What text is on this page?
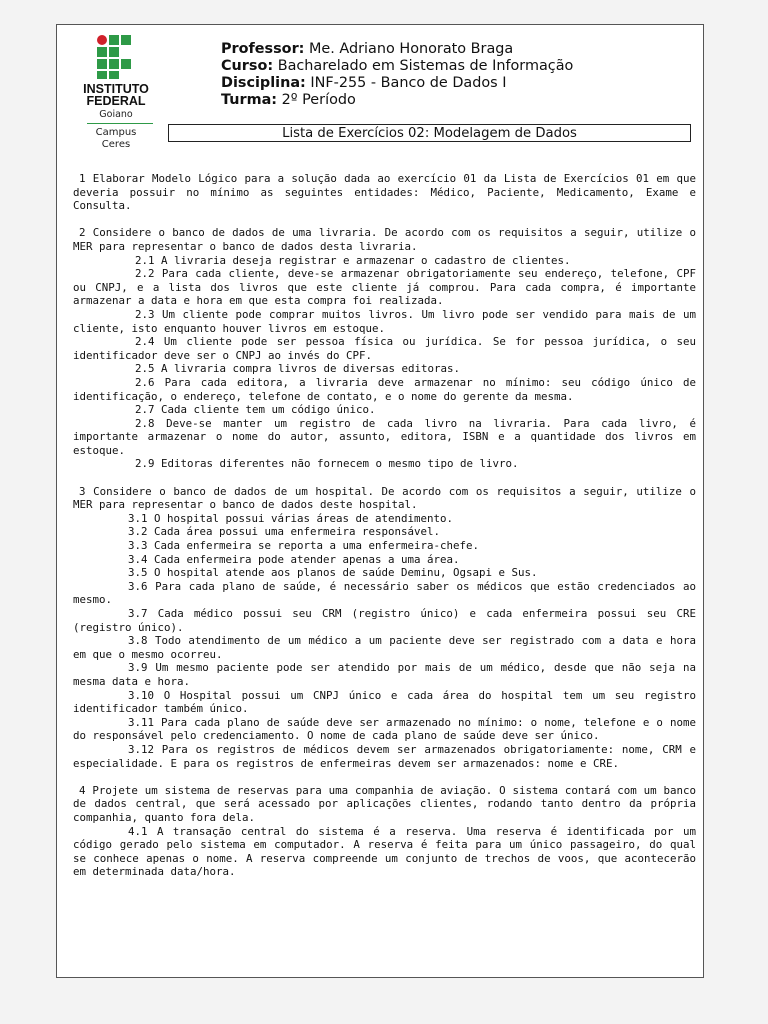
INSTITUTO FEDERAL
Goiano
Campus Ceres
Professor: Me. Adriano Honorato Braga
Curso: Bacharelado em Sistemas de Informação
Disciplina: INF-255 - Banco de Dados I
Turma: 2º Período
Lista de Exercícios 02: Modelagem de Dados

1 Elaborar Modelo Lógico para a solução dada ao exercício 01 da Lista de Exercícios 01 em que deveria possuir no mínimo as seguintes entidades: Médico, Paciente, Medicamento, Exame e Consulta.

2 Considere o banco de dados de uma livraria. De acordo com os requisitos a seguir, utilize o MER para representar o banco de dados desta livraria.

2.1 A livraria deseja registrar e armazenar o cadastro de clientes.

2.2 Para cada cliente, deve-se armazenar obrigatoriamente seu endereço, telefone, CPF ou CNPJ, e a lista dos livros que este cliente já comprou. Para cada compra, é importante armazenar a data e hora em que esta compra foi realizada.

2.3 Um cliente pode comprar muitos livros. Um livro pode ser vendido para mais de um cliente, isto enquanto houver livros em estoque.

2.4 Um cliente pode ser pessoa física ou jurídica. Se for pessoa jurídica, o seu identificador deve ser o CNPJ ao invés do CPF.

2.5 A livraria compra livros de diversas editoras.

2.6 Para cada editora, a livraria deve armazenar no mínimo: seu código único de identificação, o endereço, telefone de contato, e o nome do gerente da mesma.

2.7 Cada cliente tem um código único.

2.8 Deve-se manter um registro de cada livro na livraria. Para cada livro, é importante armazenar o nome do autor, assunto, editora, ISBN e a quantidade dos livros em estoque.

2.9 Editoras diferentes não fornecem o mesmo tipo de livro.

3 Considere o banco de dados de um hospital. De acordo com os requisitos a seguir, utilize o MER para representar o banco de dados deste hospital.

3.1 O hospital possui várias áreas de atendimento.

3.2 Cada área possui uma enfermeira responsável.

3.3 Cada enfermeira se reporta a uma enfermeira-chefe.

3.4 Cada enfermeira pode atender apenas a uma área.

3.5 O hospital atende aos planos de saúde Deminu, Ogsapi e Sus.

3.6 Para cada plano de saúde, é necessário saber os médicos que estão credenciados ao mesmo.

3.7 Cada médico possui seu CRM (registro único) e cada enfermeira possui seu CRE (registro único).

3.8 Todo atendimento de um médico a um paciente deve ser registrado com a data e hora em que o mesmo ocorreu.

3.9 Um mesmo paciente pode ser atendido por mais de um médico, desde que não seja na mesma data e hora.

3.10 O Hospital possui um CNPJ único e cada área do hospital tem um seu registro identificador também único.

3.11 Para cada plano de saúde deve ser armazenado no mínimo: o nome, telefone e o nome do responsável pelo credenciamento. O nome de cada plano de saúde deve ser único.

3.12 Para os registros de médicos devem ser armazenados obrigatoriamente: nome, CRM e especialidade. E para os registros de enfermeiras devem ser armazenados: nome e CRE.

4 Projete um sistema de reservas para uma companhia de aviação. O sistema contará com um banco de dados central, que será acessado por aplicações clientes, rodando tanto dentro da própria companhia, quanto fora dela.

4.1 A transação central do sistema é a reserva. Uma reserva é identificada por um código gerado pelo sistema em computador. A reserva é feita para um único passageiro, do qual se conhece apenas o nome. A reserva compreende um conjunto de trechos de voos, que acontecerão em determinada data/hora.
